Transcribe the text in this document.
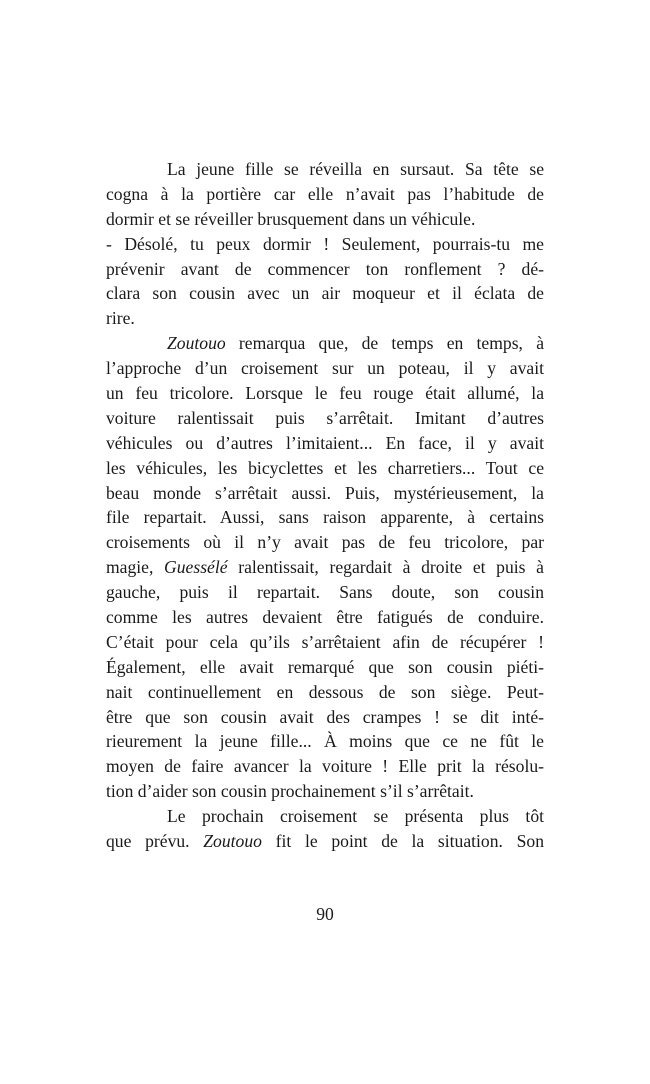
La jeune fille se réveilla en sursaut. Sa tête se
cogna à la portière car elle n’avait pas l’habitude de
dormir et se réveiller brusquement dans un véhicule.
- Désolé, tu peux dormir ! Seulement, pourrais-tu me
prévenir avant de commencer ton ronflement ? dé-
clara son cousin avec un air moqueur et il éclata de
rire.
Zoutouo remarqua que, de temps en temps, à
l’approche d’un croisement sur un poteau, il y avait
un feu tricolore. Lorsque le feu rouge était allumé, la
voiture ralentissait puis s’arrêtait. Imitant d’autres
véhicules ou d’autres l’imitaient... En face, il y avait
les véhicules, les bicyclettes et les charretiers... Tout ce
beau monde s’arrêtait aussi. Puis, mystérieusement, la
file repartait. Aussi, sans raison apparente, à certains
croisements où il n’y avait pas de feu tricolore, par
magie, Guessélé ralentissait, regardait à droite et puis à
gauche, puis il repartait. Sans doute, son cousin
comme les autres devaient être fatigués de conduire.
C’était pour cela qu’ils s’arrêtaient afin de récupérer !
Également, elle avait remarqué que son cousin piéti-
nait continuellement en dessous de son siège. Peut-
être que son cousin avait des crampes ! se dit inté-
rieurement la jeune fille... À moins que ce ne fût le
moyen de faire avancer la voiture ! Elle prit la résolu-
tion d’aider son cousin prochainement s’il s’arrêtait.
Le prochain croisement se présenta plus tôt
que prévu. Zoutouo fit le point de la situation. Son
90
